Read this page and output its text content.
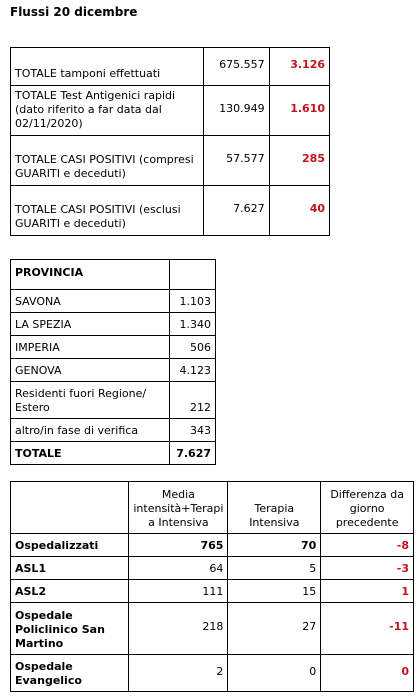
Flussi 20 dicembre
TOTALE tamponi effettuati	675.557	3.126
TOTALE Test Antigenici rapidi (dato riferito a far data dal 02/11/2020)	130.949	1.610
TOTALE CASI POSITIVI (compresi GUARITI e deceduti)	57.577	285
TOTALE CASI POSITIVI (esclusi GUARITI e deceduti)	7.627	40
PROVINCIA	
SAVONA	1.103
LA SPEZIA	1.340
IMPERIA	506
GENOVA	4.123
Residenti fuori Regione/ Estero	212
altro/in fase di verifica	343
TOTALE	7.627
	Media intensità+Terapi a Intensiva	Terapia Intensiva	Differenza da giorno precedente
Ospedalizzati	765	70	-8
ASL1	64	5	-3
ASL2	111	15	1
Ospedale Policlinico San Martino	218	27	-11
Ospedale Evangelico	2	0	0
